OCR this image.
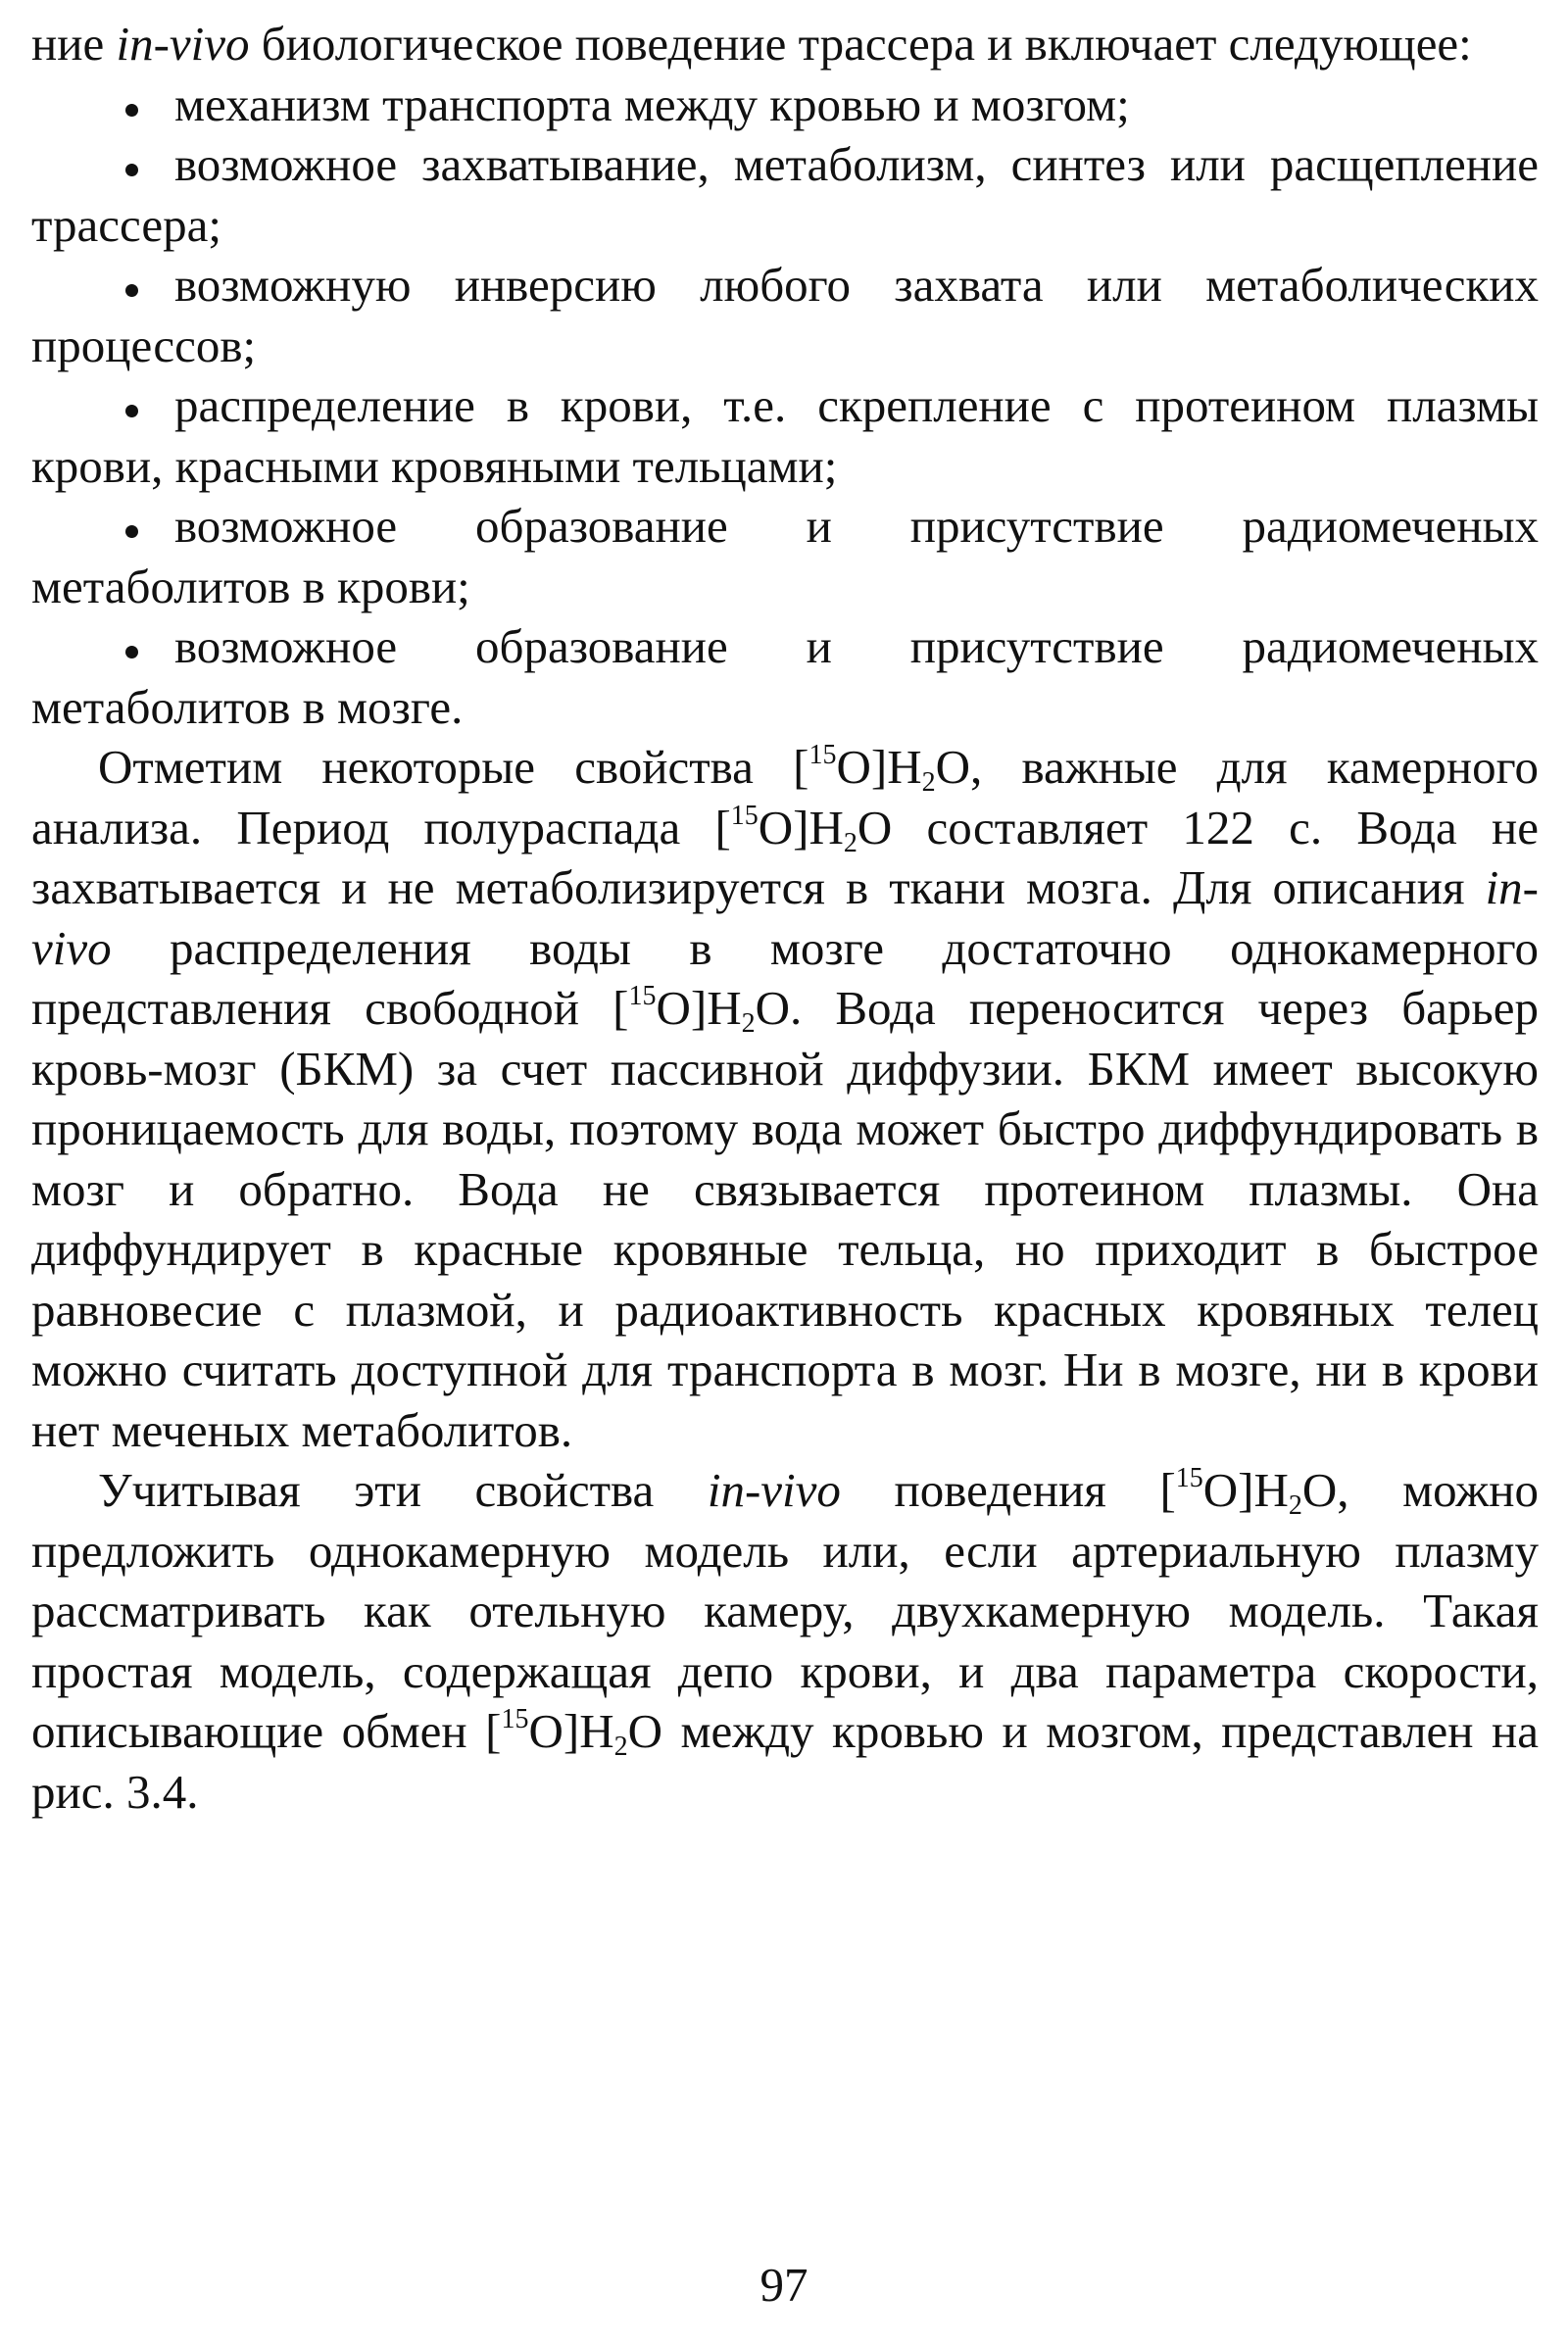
ние in-vivo биологическое поведение трассера и включает следующее:

механизм транспорта между кровью и мозгом;
возможное захватывание, метаболизм, синтез или расщепление трассера;
возможную инверсию любого захвата или метаболических процессов;
распределение в крови, т.е. скрепление с протеином плазмы крови, красными кровяными тельцами;
возможное образование и присутствие радиомеченых метаболитов в крови;
возможное образование и присутствие радиомеченых метаболитов в мозге.

Отметим некоторые свойства $[^{15}O]H_2O$, важные для камерного анализа. Период полураспада $[^{15}O]H_2O$ составляет 122 с. Вода не захватывается и не метаболизируется в ткани мозга. Для описания in-vivo распределения воды в мозге достаточно однокамерного представления свободной $[^{15}O]H_2O$. Вода переносится через барьер кровь-мозг (БКМ) за счет пассивной диффузии. БКМ имеет высокую проницаемость для воды, поэтому вода может быстро диффундировать в мозг и обратно. Вода не связывается протеином плазмы. Она диффундирует в красные кровяные тельца, но приходит в быстрое равновесие с плазмой, и радиоактивность красных кровяных телец можно считать доступной для транспорта в мозг. Ни в мозге, ни в крови нет меченых метаболитов.

Учитывая эти свойства in-vivo поведения $[^{15}O]H_2O$, можно предложить однокамерную модель или, если артериальную плазму рассматривать как отельную камеру, двухкамерную модель. Такая простая модель, содержащая депо крови, и два параметра скорости, описывающие обмен $[^{15}O]H_2O$ между кровью и мозгом, представлен на рис. 3.4.

97
